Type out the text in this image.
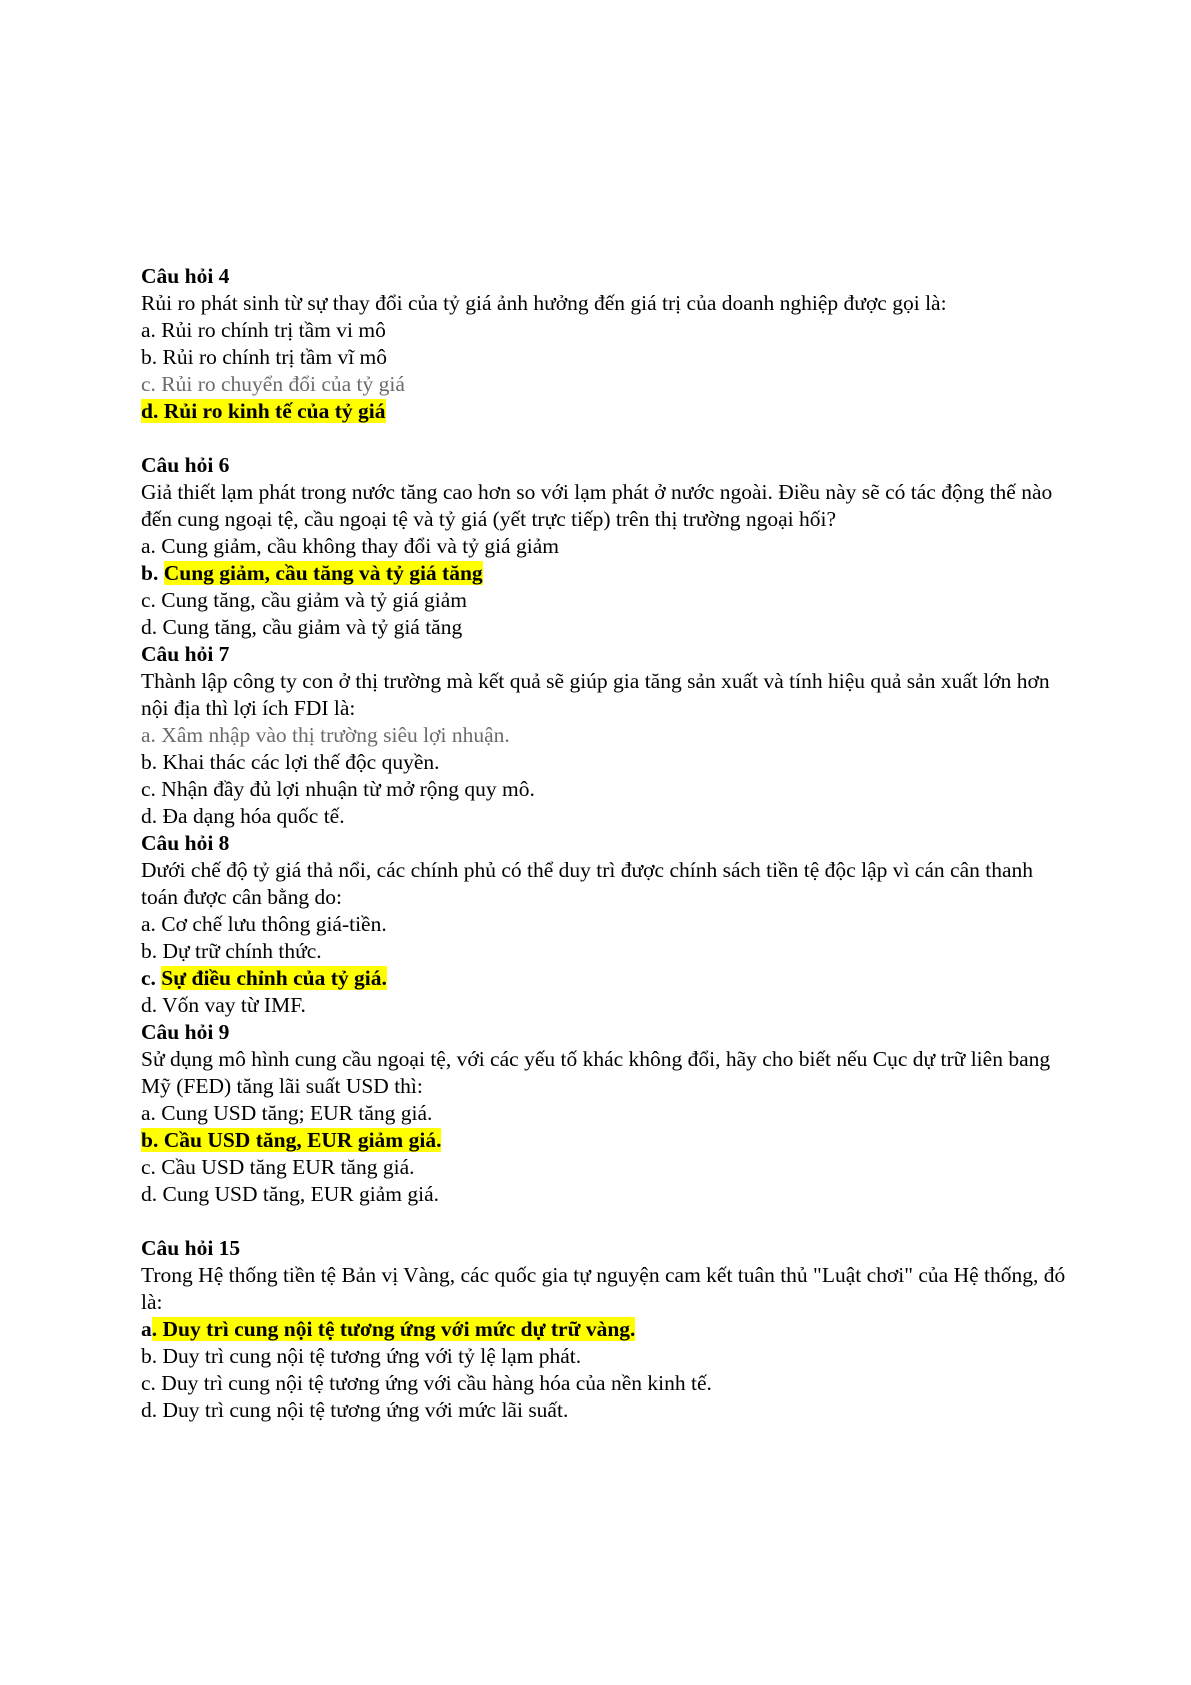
Câu hỏi 4
Rủi ro phát sinh từ sự thay đổi của tỷ giá ảnh hưởng đến giá trị của doanh nghiệp được gọi là:
a. Rủi ro chính trị tầm vi mô
b. Rủi ro chính trị tầm vĩ mô
c. Rủi ro chuyển đổi của tỷ giá
d. Rủi ro kinh tế của tỷ giá
Câu hỏi 6
Giả thiết lạm phát trong nước tăng cao hơn so với lạm phát ở nước ngoài. Điều này sẽ có tác động thế nào đến cung ngoại tệ, cầu ngoại tệ và tỷ giá (yết trực tiếp) trên thị trường ngoại hối?
a. Cung giảm, cầu không thay đổi và tỷ giá giảm
b. Cung giảm, cầu tăng và tỷ giá tăng
c. Cung tăng, cầu giảm và tỷ giá giảm
d. Cung tăng, cầu giảm và tỷ giá tăng
Câu hỏi 7
Thành lập công ty con ở thị trường mà kết quả sẽ giúp gia tăng sản xuất và tính hiệu quả sản xuất lớn hơn nội địa thì lợi ích FDI là:
a. Xâm nhập vào thị trường siêu lợi nhuận.
b. Khai thác các lợi thế độc quyền.
c. Nhận đầy đủ lợi nhuận từ mở rộng quy mô.
d. Đa dạng hóa quốc tế.
Câu hỏi 8
Dưới chế độ tỷ giá thả nổi, các chính phủ có thể duy trì được chính sách tiền tệ độc lập vì cán cân thanh toán được cân bằng do:
a. Cơ chế lưu thông giá-tiền.
b. Dự trữ chính thức.
c. Sự điều chỉnh của tỷ giá.
d. Vốn vay từ IMF.
Câu hỏi 9
Sử dụng mô hình cung cầu ngoại tệ, với các yếu tố khác không đổi, hãy cho biết nếu Cục dự trữ liên bang Mỹ (FED) tăng lãi suất USD thì:
a. Cung USD tăng; EUR tăng giá.
b. Cầu USD tăng, EUR giảm giá.
c. Cầu USD tăng EUR tăng giá.
d. Cung USD tăng, EUR giảm giá.
Câu hỏi 15
Trong Hệ thống tiền tệ Bản vị Vàng, các quốc gia tự nguyện cam kết tuân thủ "Luật chơi" của Hệ thống, đó là:
a. Duy trì cung nội tệ tương ứng với mức dự trữ vàng.
b. Duy trì cung nội tệ tương ứng với tỷ lệ lạm phát.
c. Duy trì cung nội tệ tương ứng với cầu hàng hóa của nền kinh tế.
d. Duy trì cung nội tệ tương ứng với mức lãi suất.
